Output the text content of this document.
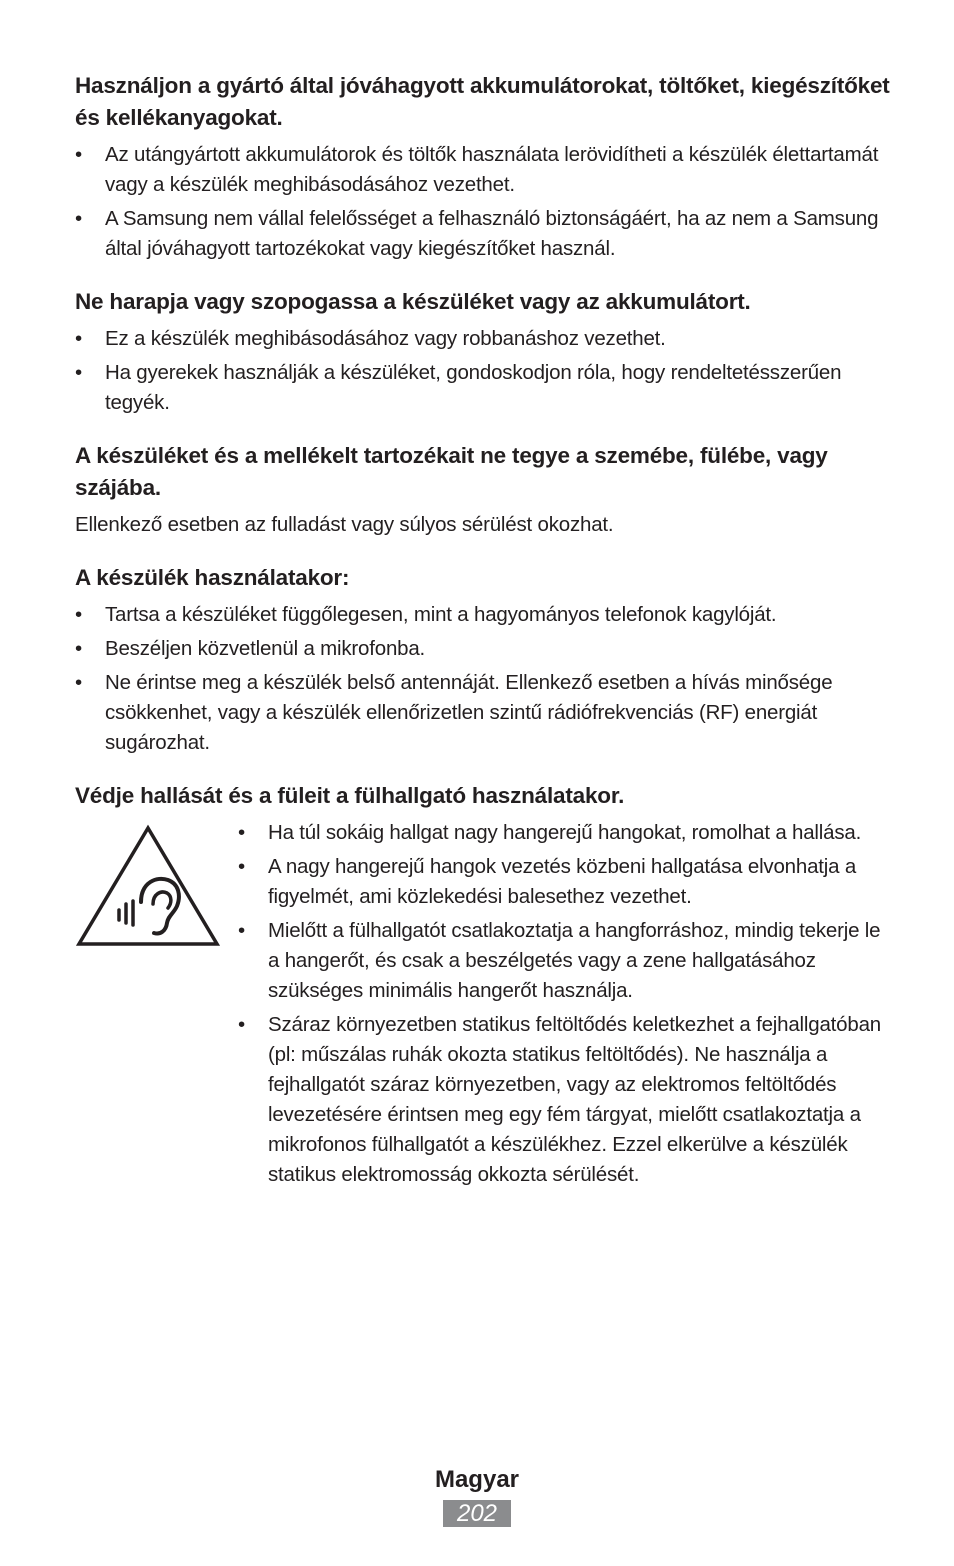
Használjon a gyártó által jóváhagyott akkumulátorokat, töltőket, kiegészítőket és kellékanyagokat.
• Az utángyártott akkumulátorok és töltők használata lerövidítheti a készülék élettartamát vagy a készülék meghibásodásához vezethet.
• A Samsung nem vállal felelősséget a felhasználó biztonságáért, ha az nem a Samsung által jóváhagyott tartozékokat vagy kiegészítőket használ.
Ne harapja vagy szopogassa a készüléket vagy az akkumulátort.
• Ez a készülék meghibásodásához vagy robbanáshoz vezethet.
• Ha gyerekek használják a készüléket, gondoskodjon róla, hogy rendeltetésszerűen tegyék.
A készüléket és a mellékelt tartozékait ne tegye a szemébe, fülébe, vagy szájába.

Ellenkező esetben az fulladást vagy súlyos sérülést okozhat.

A készülék használatakor:
• Tartsa a készüléket függőlegesen, mint a hagyományos telefonok kagylóját.
• Beszéljen közvetlenül a mikrofonba.
• Ne érintse meg a készülék belső antennáját. Ellenkező esetben a hívás minősége csökkenhet, vagy a készülék ellenőrizetlen szintű rádiófrekvenciás (RF) energiát sugározhat.
Védje hallását és a füleit a fülhallgató használatakor.
• Ha túl sokáig hallgat nagy hangerejű hangokat, romolhat a hallása.
• A nagy hangerejű hangok vezetés közbeni hallgatása elvonhatja a figyelmét, ami közlekedési balesethez vezethet.
• Mielőtt a fülhallgatót csatlakoztatja a hangforráshoz, mindig tekerje le a hangerőt, és csak a beszélgetés vagy a zene hallgatásához szükséges minimális hangerőt használja.
• Száraz környezetben statikus feltöltődés keletkezhet a fejhallgatóban (pl: műszálas ruhák okozta statikus feltöltődés). Ne használja a fejhallgatót száraz környezetben, vagy az elektromos feltöltődés levezetésére érintsen meg egy fém tárgyat, mielőtt csatlakoztatja a mikrofonos fülhallgatót a készülékhez. Ezzel elkerülve a készülék statikus elektromosság okkozta sérülését.
Magyar
202
